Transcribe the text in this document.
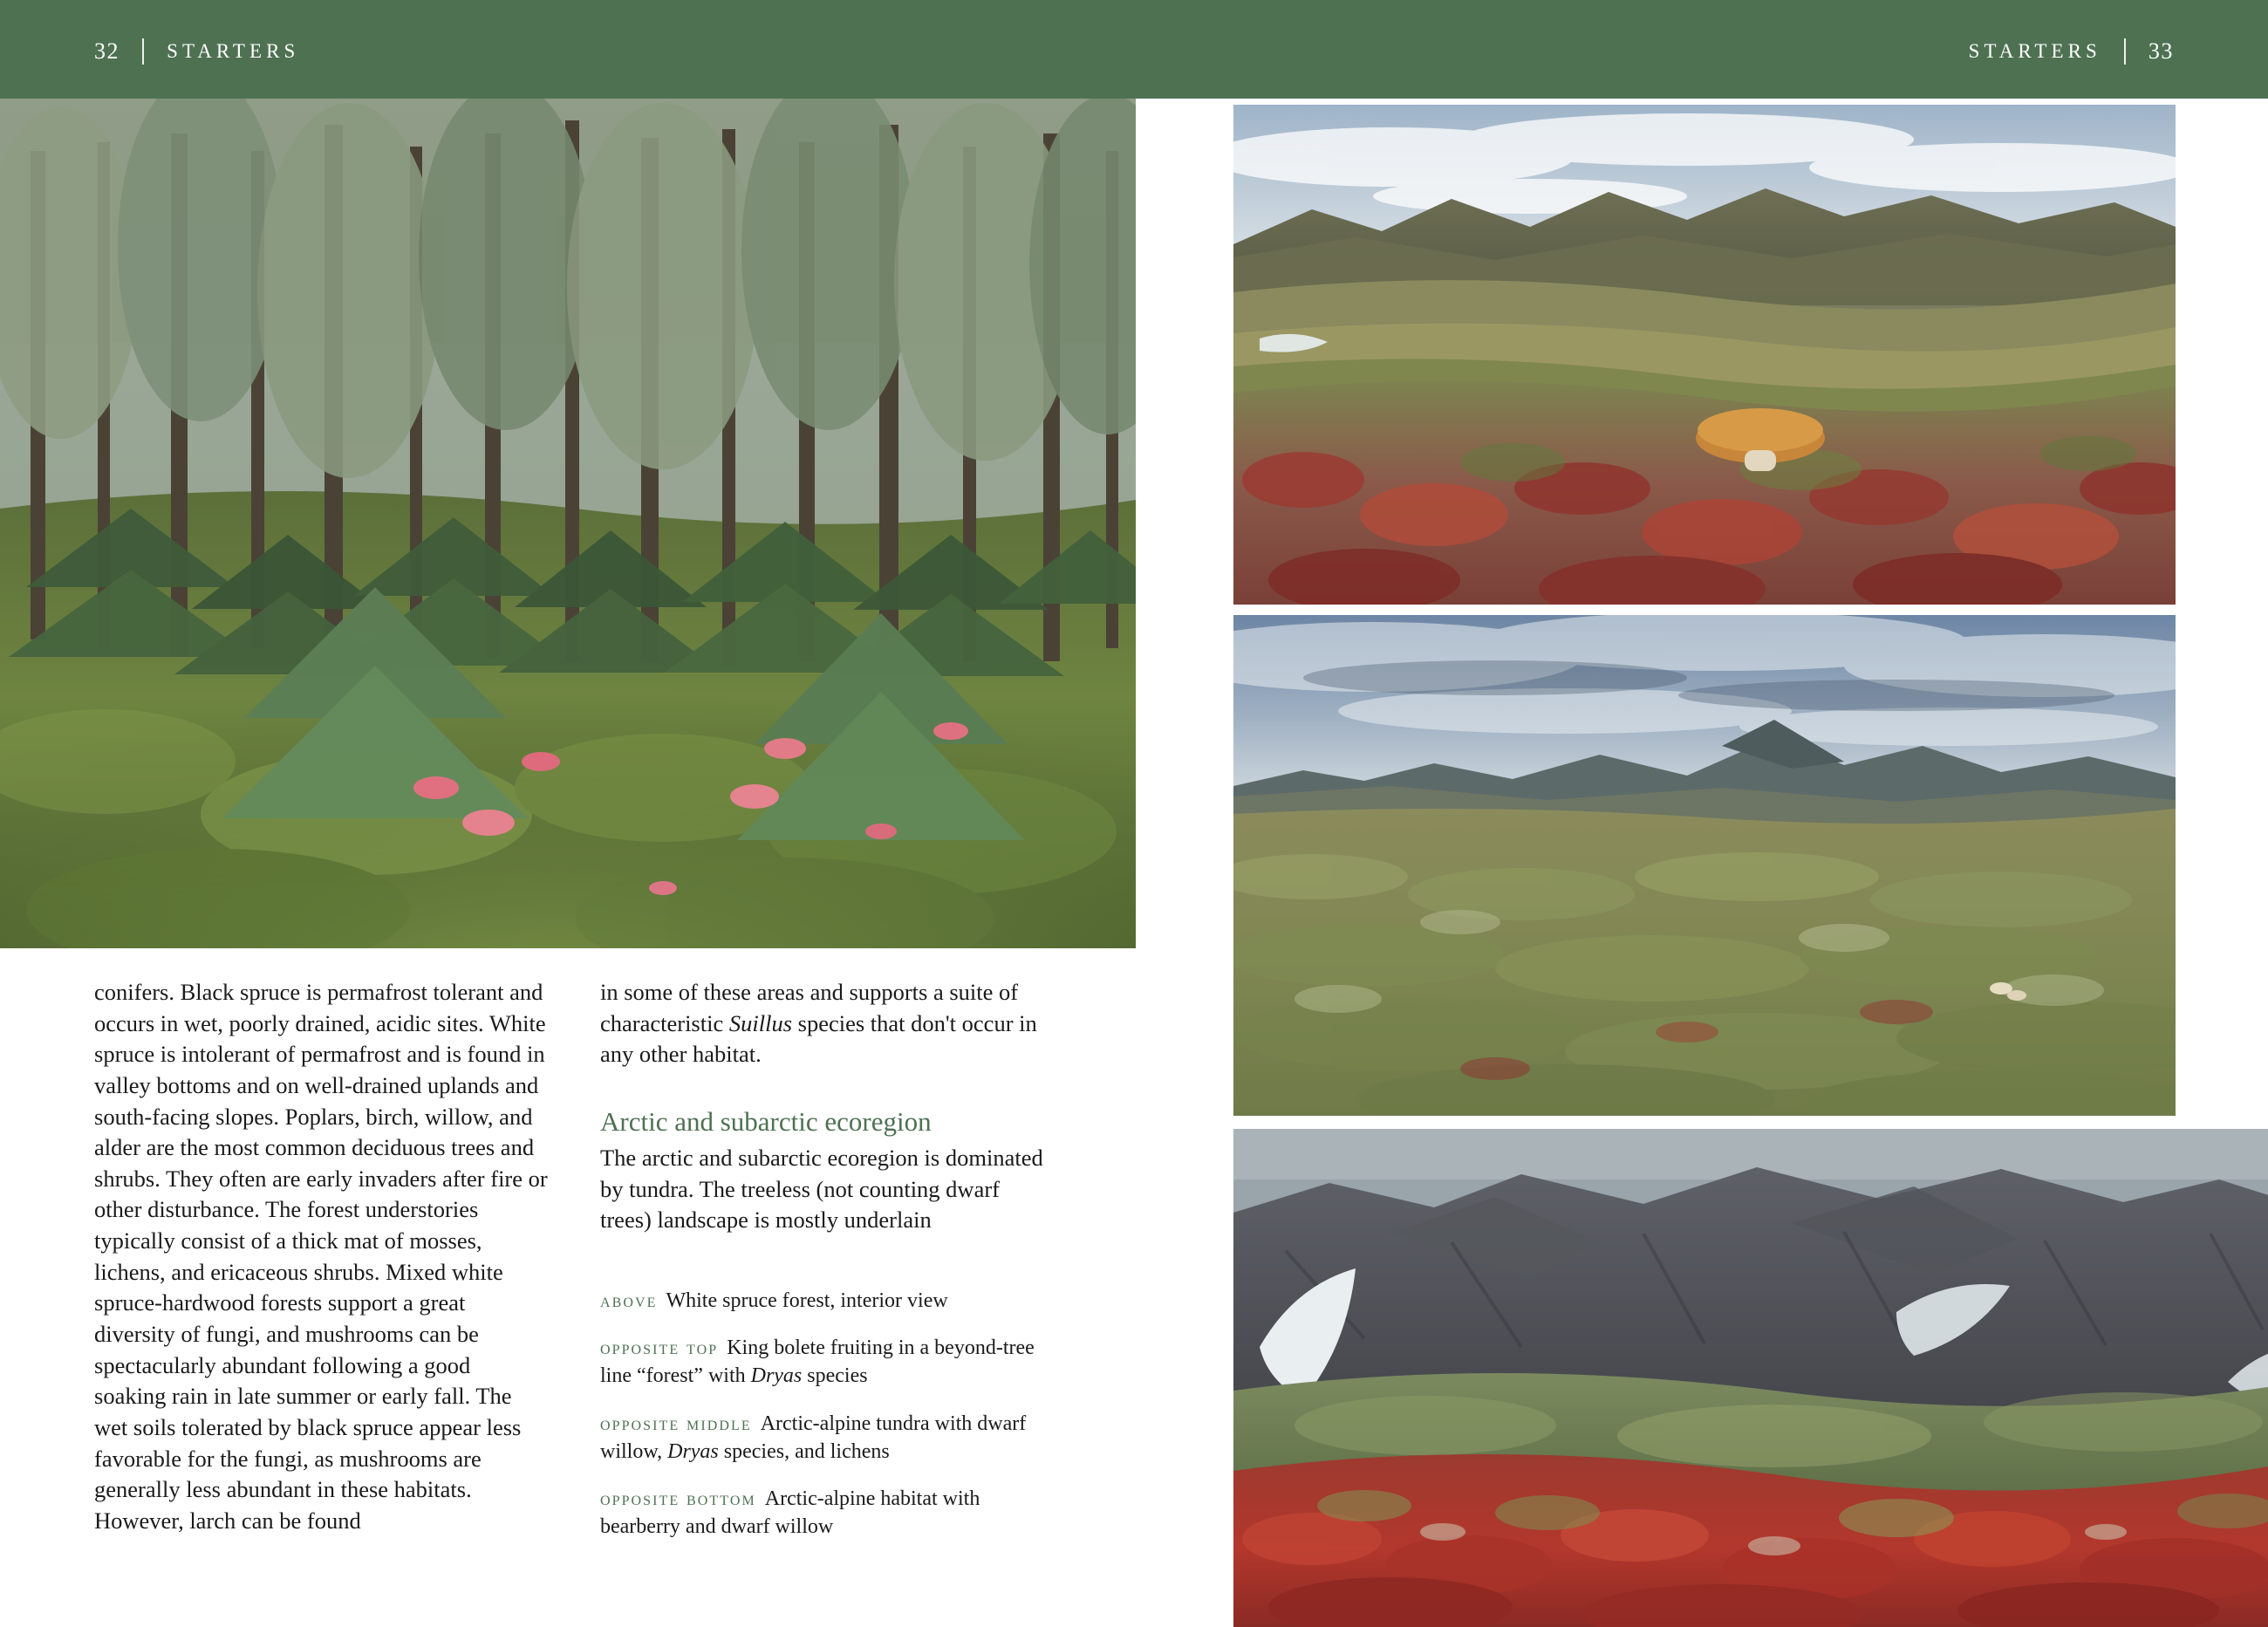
32 STARTERS	STARTERS 33

conifers. Black spruce is permafrost tolerant and occurs in wet, poorly drained, acidic sites. White spruce is intolerant of permafrost and is found in valley bottoms and on well-drained uplands and south-facing slopes. Poplars, birch, willow, and alder are the most common deciduous trees and shrubs. They often are early invaders after fire or other disturbance. The forest understories typically consist of a thick mat of mosses, lichens, and ericaceous shrubs. Mixed white spruce-hardwood forests support a great diversity of fungi, and mushrooms can be spectacularly abundant following a good soaking rain in late summer or early fall. The wet soils tolerated by black spruce appear less favorable for the fungi, as mushrooms are generally less abundant in these habitats. However, larch can be found

in some of these areas and supports a suite of characteristic Suillus species that don't occur in any other habitat.

Arctic and subarctic ecoregion

The arctic and subarctic ecoregion is dominated by tundra. The treeless (not counting dwarf trees) landscape is mostly underlain

above White spruce forest, interior view
opposite top King bolete fruiting in a beyond-tree line “forest” with Dryas species
opposite middle Arctic-alpine tundra with dwarf willow, Dryas species, and lichens
opposite bottom Arctic-alpine habitat with bearberry and dwarf willow
